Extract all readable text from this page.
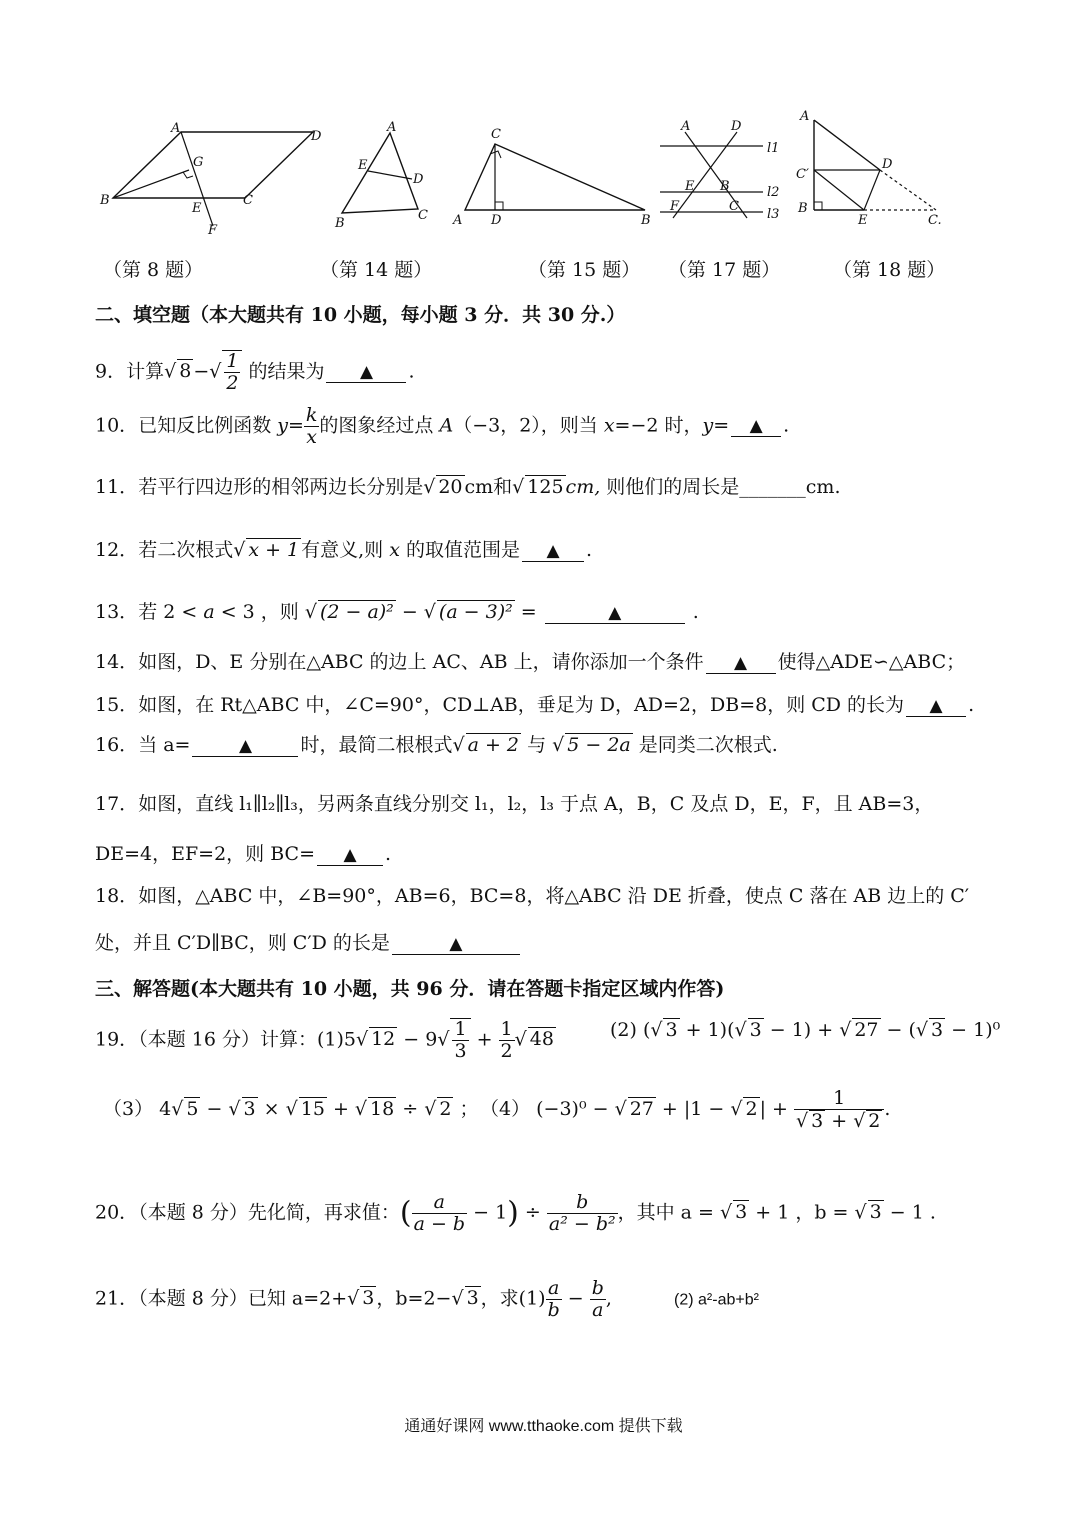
A
D
G
B
E
C
F
A
E
D
B
C
C
A D	B
A	D
l1
E B	l2
F	C
l3
A
C′
D
B
E	C.
（第 8 题）	（第 14 题）	（第 15 题） （第 17 题）	（第 18 题）
二、填空题（本大题共有 10 小题，每小题 3 分．共 30 分.）
9．计算√ 8 −√ $\frac{1}{2}$ 的结果为 ▲ .
10．已知反比例函数 $y= \frac{k}{x}$ 的图象经过点 A（−3，2），则当 x=−2 时，y= ▲ .
11．若平行四边形的相邻两边长分别是√ 20 cm和√ 125 cm, 则他们的周长是_______cm.
12．若二次根式√ x + 1 有意义,则 x 的取值范围是 ▲ .
13．若 2 < a < 3 ，则 √ (2 − a)² − √ (a − 3)² =	▲	.
14．如图，D、E 分别在△ABC 的边上 AC、AB 上，请你添加一个条件 ▲ 使得△ADE∽△ABC；
15．如图，在 Rt△ABC 中，∠C=90°，CD⊥AB，垂足为 D，AD=2，DB=8，则 CD 的长为 ▲ .
16．当 a=	▲	时，最简二根根式√ a + 2 与 √ 5 − 2a 是同类二次根式.
17．如图，直线 l₁∥l₂∥l₃，另两条直线分别交 l₁，l₂，l₃ 于点 A，B，C 及点 D，E，F，且 AB=3，
DE=4，EF=2，则 BC= ▲ .
18．如图，△ABC 中，∠B=90°，AB=6，BC=8，将△ABC 沿 DE 折叠，使点 C 落在 AB 边上的 C′
处，并且 C′D∥BC，则 C′D 的长是	▲
三、解答题(本大题共有 10 小题，共 96 分．请在答题卡指定区域内作答)
19．（本题 16 分）计算：(1)5√ $12 - 9√ \frac{1}{3} + \frac{1}{2}$ √ 48	(2) (√ 3 + 1)(√ 3 − 1) + √ 27 − (√ 3 − 1)⁰
（3） 4√ 5 − √ 3 × √ 15 + √ 18 ÷ √ 2 ； （4） (−3)⁰ − √ 27 + |1 − √ 2 | + $\frac{1}{√ 3 + √ 2}$ .
20．（本题 8 分）先化简，再求值：( $\frac{a}{a - b} - 1) \div \frac{b}{\text{a² − b²}}$ ，其中 a = √ 3 + 1 ，b = √ 3 − 1 .
21．（本题 8 分）已知 a=2+√ 3 ，b=2−√ 3 ，求$(1) \frac{a}{b} - \frac{b}{a}$ ,	(2) a²-ab+b²
通通好课网 www.tthaoke.com 提供下载
